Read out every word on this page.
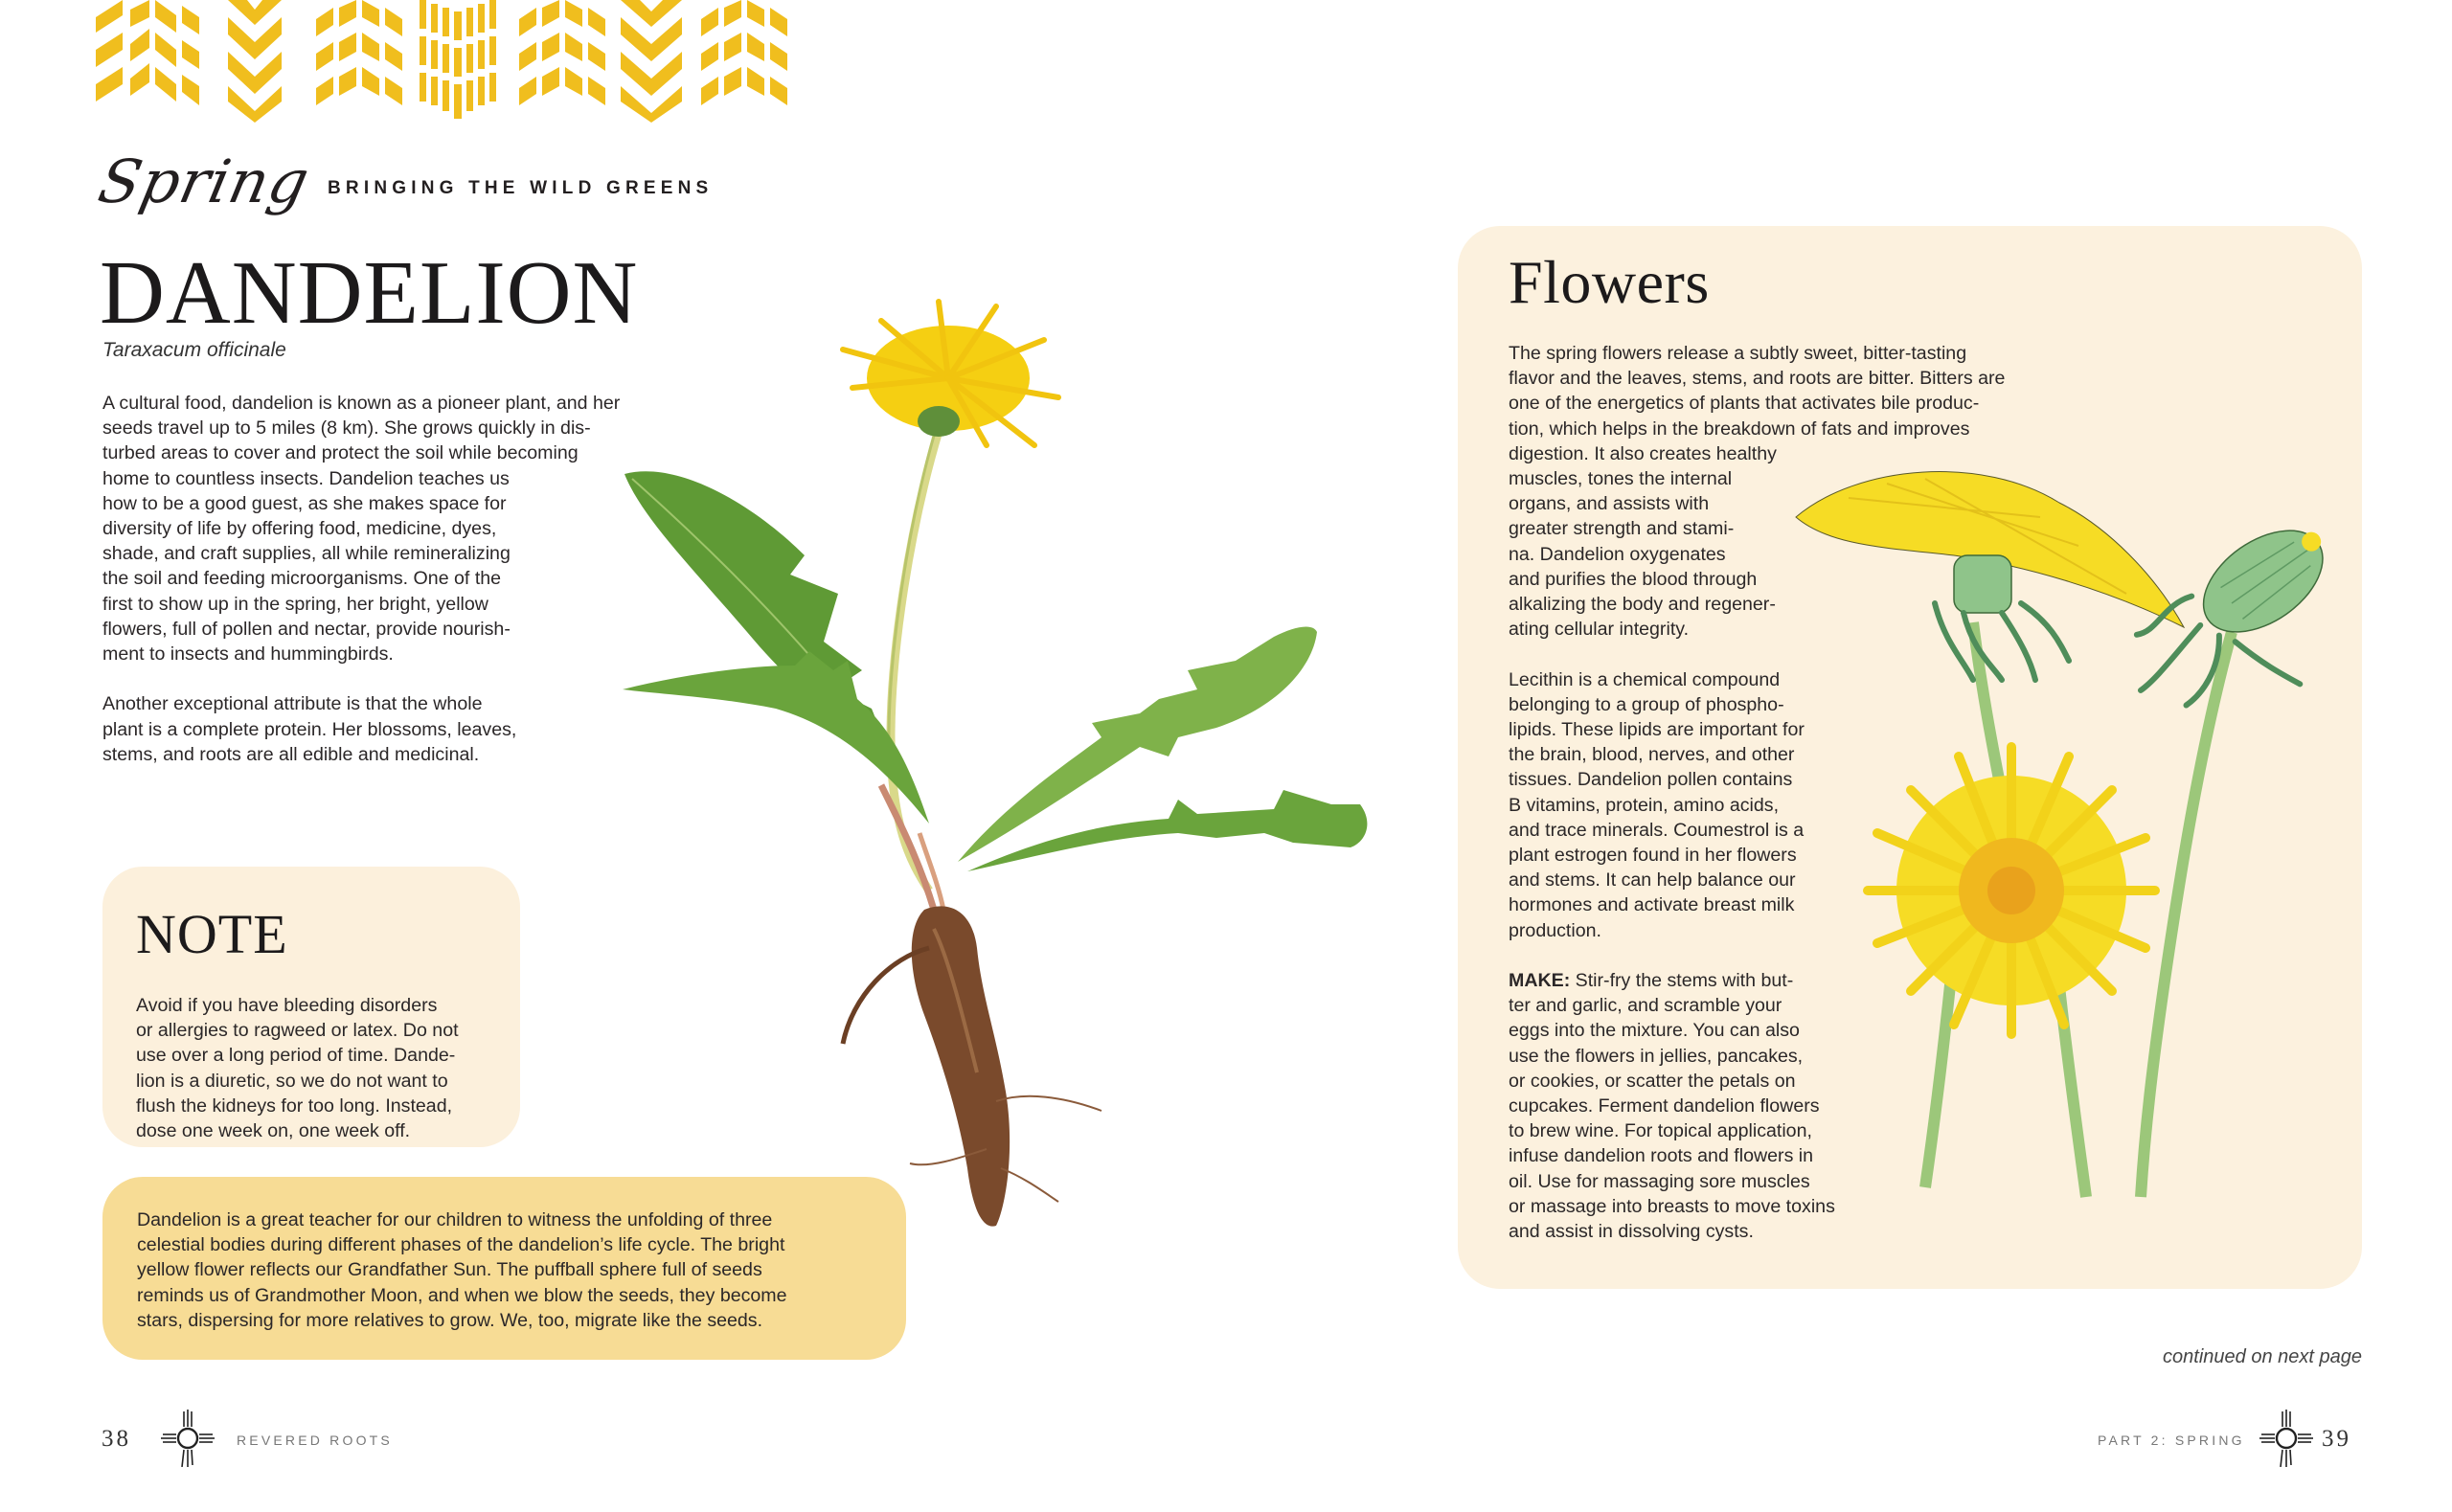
Spring BRINGING THE WILD GREENS
DANDELION
Taraxacum officinale

A cultural food, dandelion is known as a pioneer plant, and her
seeds travel up to 5 miles (8 km). She grows quickly in dis-
turbed areas to cover and protect the soil while becoming
home to countless insects. Dandelion teaches us
how to be a good guest, as she makes space for
diversity of life by offering food, medicine, dyes,
shade, and craft supplies, all while remineralizing
the soil and feeding microorganisms. One of the
first to show up in the spring, her bright, yellow
flowers, full of pollen and nectar, provide nourish-
ment to insects and hummingbirds.

Another exceptional attribute is that the whole
plant is a complete protein. Her blossoms, leaves,
stems, and roots are all edible and medicinal.

NOTE
Avoid if you have bleeding disorders
or allergies to ragweed or latex. Do not
use over a long period of time. Dande-
lion is a diuretic, so we do not want to
flush the kidneys for too long. Instead,
dose one week on, one week off.
Dandelion is a great teacher for our children to witness the unfolding of three
celestial bodies during different phases of the dandelion’s life cycle. The bright
yellow flower reflects our Grandfather Sun. The puffball sphere full of seeds
reminds us of Grandmother Moon, and when we blow the seeds, they become
stars, dispersing for more relatives to grow. We, too, migrate like the seeds.
Flowers

The spring flowers release a subtly sweet, bitter-tasting
flavor and the leaves, stems, and roots are bitter. Bitters are
one of the energetics of plants that activates bile produc-
tion, which helps in the breakdown of fats and improves
digestion. It also creates healthy
muscles, tones the internal
organs, and assists with
greater strength and stami-
na. Dandelion oxygenates
and purifies the blood through
alkalizing the body and regener-
ating cellular integrity.

Lecithin is a chemical compound
belonging to a group of phospho-
lipids. These lipids are important for
the brain, blood, nerves, and other
tissues. Dandelion pollen contains
B vitamins, protein, amino acids,
and trace minerals. Coumestrol is a
plant estrogen found in her flowers
and stems. It can help balance our
hormones and activate breast milk
production.

MAKE: Stir-fry the stems with but-
ter and garlic, and scramble your
eggs into the mixture. You can also
use the flowers in jellies, pancakes,
or cookies, or scatter the petals on
cupcakes. Ferment dandelion flowers
to brew wine. For topical application,
infuse dandelion roots and flowers in
oil. Use for massaging sore muscles
or massage into breasts to move toxins
and assist in dissolving cysts.

continued on next page
38	REVERED ROOTS	PART 2: SPRING	39
